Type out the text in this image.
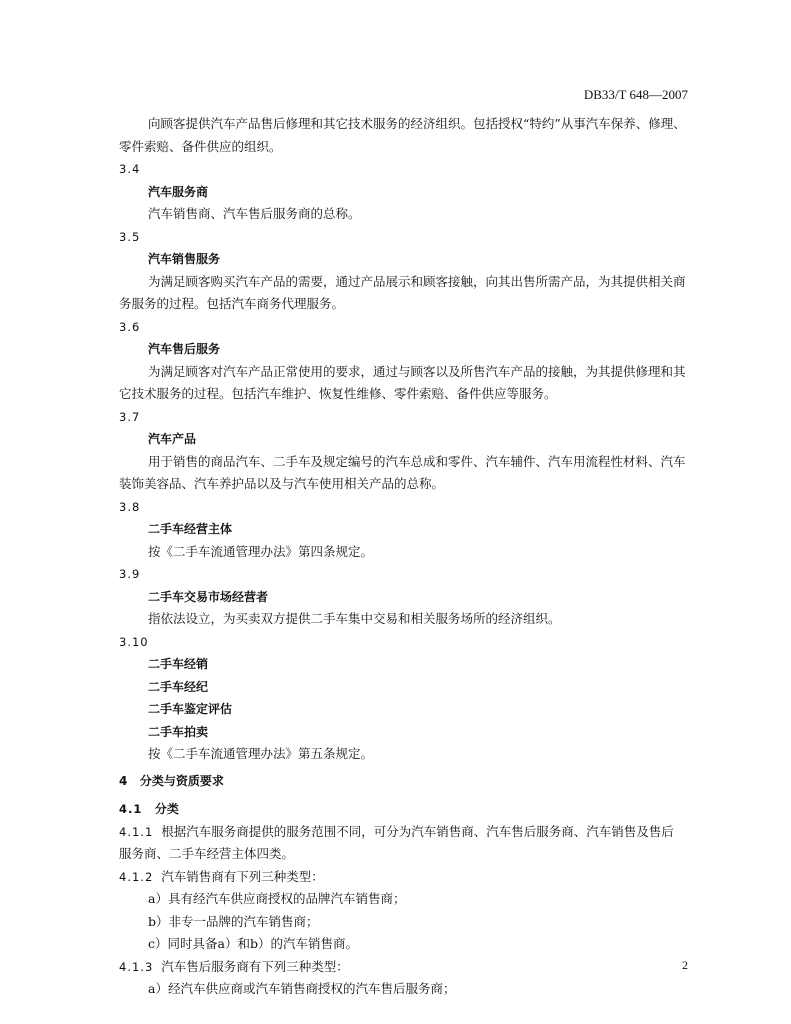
DB33/T 648—2007

向顾客提供汽车产品售后修理和其它技术服务的经济组织。包括授权“特约”从事汽车保养、修理、

零件索赔、备件供应的组织。

3.4

汽车服务商

汽车销售商、汽车售后服务商的总称。

3.5

汽车销售服务

为满足顾客购买汽车产品的需要，通过产品展示和顾客接触，向其出售所需产品，为其提供相关商

务服务的过程。包括汽车商务代理服务。

3.6

汽车售后服务

为满足顾客对汽车产品正常使用的要求，通过与顾客以及所售汽车产品的接触，为其提供修理和其

它技术服务的过程。包括汽车维护、恢复性维修、零件索赔、备件供应等服务。

3.7

汽车产品

用于销售的商品汽车、二手车及规定编号的汽车总成和零件、汽车辅件、汽车用流程性材料、汽车

装饰美容品、汽车养护品以及与汽车使用相关产品的总称。

3.8

二手车经营主体

按《二手车流通管理办法》第四条规定。

3.9

二手车交易市场经营者

指依法设立，为买卖双方提供二手车集中交易和相关服务场所的经济组织。

3.10

二手车经销

二手车经纪

二手车鉴定评估

二手车拍卖

按《二手车流通管理办法》第五条规定。

4 分类与资质要求

4.1 分类

4.1.1 根据汽车服务商提供的服务范围不同，可分为汽车销售商、汽车售后服务商、汽车销售及售后

服务商、二手车经营主体四类。

4.1.2 汽车销售商有下列三种类型：

a）具有经汽车供应商授权的品牌汽车销售商；

b）非专一品牌的汽车销售商；

c）同时具备a）和b）的汽车销售商。

4.1.3 汽车售后服务商有下列三种类型：

a）经汽车供应商或汽车销售商授权的汽车售后服务商；

2
